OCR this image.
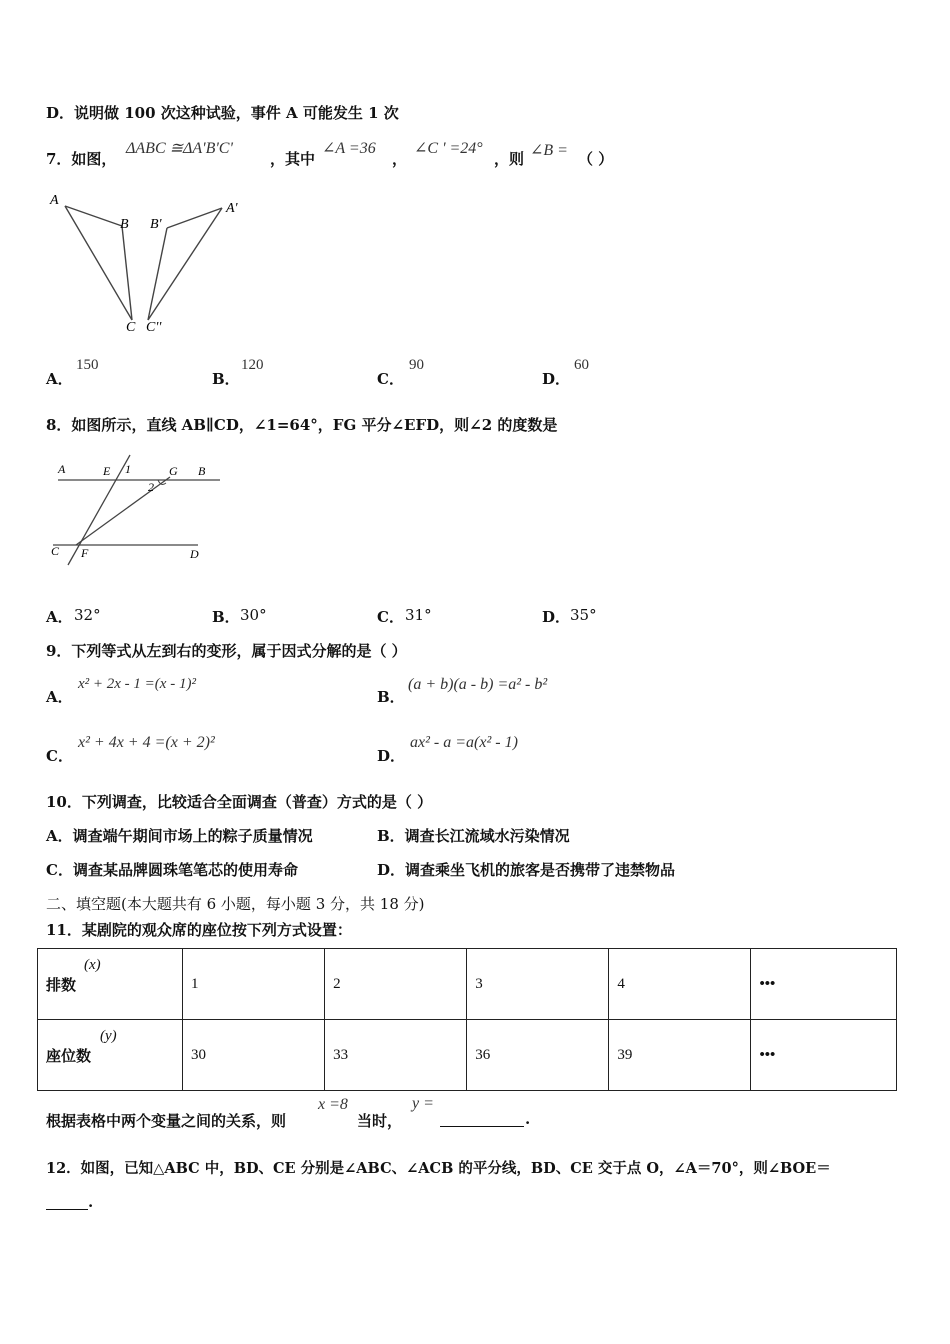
D．说明做 100 次这种试验，事件 A 可能发生 1 次
7．如图，
ΔABC ≅ΔA'B'C'
，其中
∠A =36
，
∠C ' =24°
，则 ∠B = （ ）
A
B
C
B'
A'
C''
A．
150
B．
120
C．
90
D．
60
8．如图所示，直线 AB∥CD，∠1=64°，FG 平分∠EFD，则∠2 的度数是
A	E 1	G B
2
C F	D
A． 32°	B． 30°	C． 31°	D． 35°
9．下列等式从左到右的变形，属于因式分解的是（ ）
A．
x² + 2x - 1 =(x - 1)²
B．
(a + b)(a - b) =a² - b²
C．
x² + 4x + 4 =(x + 2)²
D．
ax² - a =a(x² - 1)
10．下列调查，比较适合全面调查（普查）方式的是（ ）
A．调查端午期间市场上的粽子质量情况	B．调查长江流域水污染情况
C．调查某品牌圆珠笔笔芯的使用寿命	D．调查乘坐飞机的旅客是否携带了违禁物品
二、填空题(本大题共有 6 小题，每小题 3 分，共 18 分)
11．某剧院的观众席的座位按下列方式设置：
排数
(x)	1	2	3	4	•••
座位数
(y)	30	33	36	39	•••
根据表格中两个变量之间的关系，则
x =8
当时，
y =
.
12．如图，已知△ABC 中，BD、CE 分别是∠ABC、∠ACB 的平分线，BD、CE 交于点 O，∠A＝70°，则∠BOE＝
.
